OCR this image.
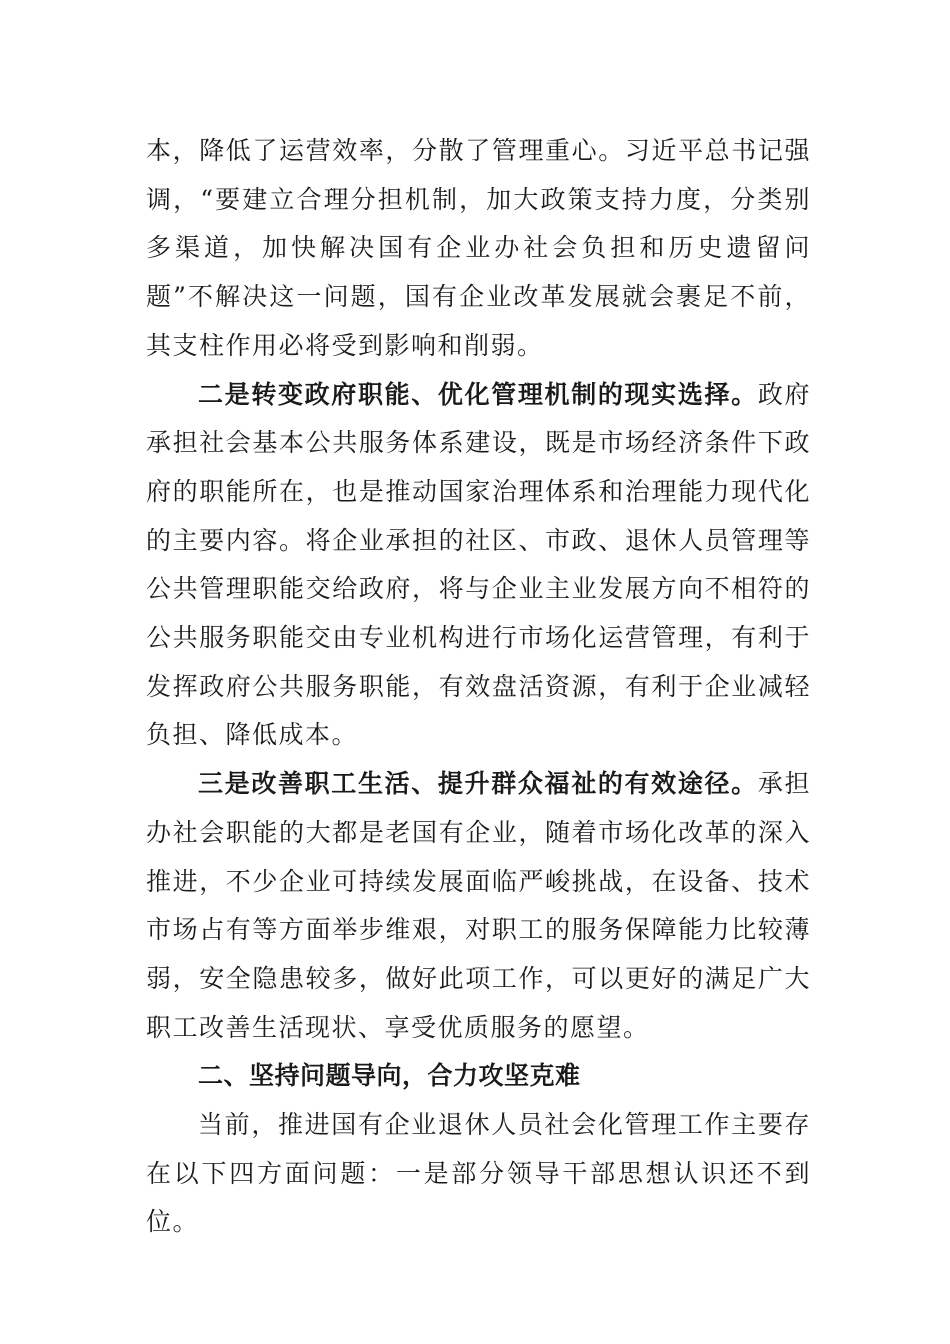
本，降低了运营效率，分散了管理重心。习近平总书记强调，“要建立合理分担机制，加大政策支持力度，分类别多渠道，加快解决国有企业办社会负担和历史遗留问题”不解决这一问题，国有企业改革发展就会裹足不前，其支柱作用必将受到影响和削弱。

二是转变政府职能、优化管理机制的现实选择。政府承担社会基本公共服务体系建设，既是市场经济条件下政府的职能所在，也是推动国家治理体系和治理能力现代化的主要内容。将企业承担的社区、市政、退休人员管理等公共管理职能交给政府，将与企业主业发展方向不相符的公共服务职能交由专业机构进行市场化运营管理，有利于发挥政府公共服务职能，有效盘活资源，有利于企业减轻负担、降低成本。

三是改善职工生活、提升群众福祉的有效途径。承担办社会职能的大都是老国有企业，随着市场化改革的深入推进，不少企业可持续发展面临严峻挑战，在设备、技术市场占有等方面举步维艰，对职工的服务保障能力比较薄弱，安全隐患较多，做好此项工作，可以更好的满足广大职工改善生活现状、享受优质服务的愿望。

二、坚持问题导向，合力攻坚克难

当前，推进国有企业退休人员社会化管理工作主要存在以下四方面问题：一是部分领导干部思想认识还不到位。
